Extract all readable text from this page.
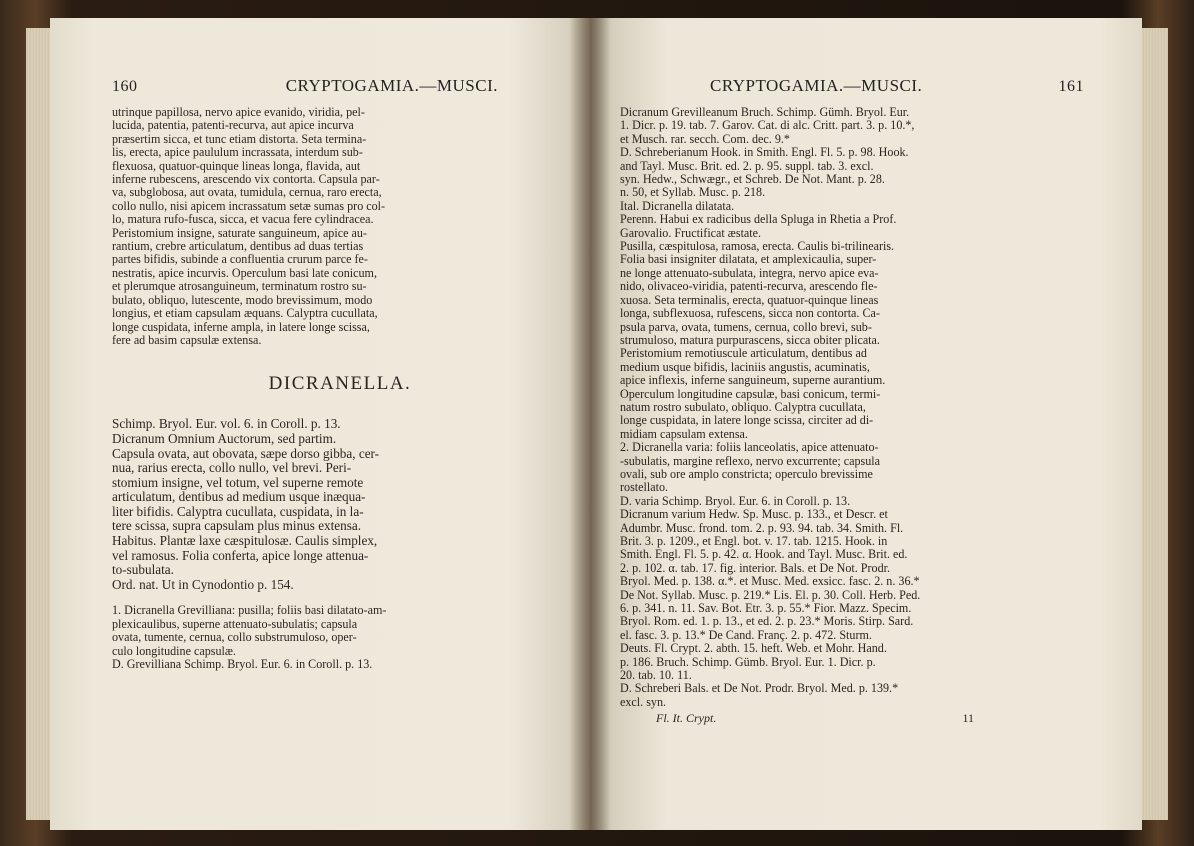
160	CRYPTOGAMIA.—MUSCI.

utrinque papillosa, nervo apice evanido, viridia, pel-

lucida, patentia, patenti-recurva, aut apice incurva

præsertim sicca, et tunc etiam distorta. Seta termina-

lis, erecta, apice paululum incrassata, interdum sub-

flexuosa, quatuor-quinque lineas longa, flavida, aut

inferne rubescens, arescendo vix contorta. Capsula par-

va, subglobosa, aut ovata, tumidula, cernua, raro erecta,

collo nullo, nisi apicem incrassatum setæ sumas pro col-

lo, matura rufo-fusca, sicca, et vacua fere cylindracea.

Peristomium insigne, saturate sanguineum, apice au-

rantium, crebre articulatum, dentibus ad duas tertias

partes bifidis, subinde a confluentia crurum parce fe-

nestratis, apice incurvis. Operculum basi late conicum,

et plerumque atrosanguineum, terminatum rostro su-

bulato, obliquo, lutescente, modo brevissimum, modo

longius, et etiam capsulam æquans. Calyptra cucullata,

longe cuspidata, inferne ampla, in latere longe scissa,

fere ad basim capsulæ extensa.

DICRANELLA.

Schimp. Bryol. Eur. vol. 6. in Coroll. p. 13.

Dicranum Omnium Auctorum, sed partim.

Capsula ovata, aut obovata, sæpe dorso gibba, cer-

nua, rarius erecta, collo nullo, vel brevi. Peri-

stomium insigne, vel totum, vel superne remote

articulatum, dentibus ad medium usque inæqua-

liter bifidis. Calyptra cucullata, cuspidata, in la-

tere scissa, supra capsulam plus minus extensa.

Habitus. Plantæ laxe cæspitulosæ. Caulis simplex,

vel ramosus. Folia conferta, apice longe attenua-

to-subulata.

Ord. nat. Ut in Cynodontio p. 154.

1. Dicranella Grevilliana: pusilla; foliis basi dilatato-am-

plexicaulibus, superne attenuato-subulatis; capsula

ovata, tumente, cernua, collo substrumuloso, oper-

culo longitudine capsulæ.

D. Grevilliana Schimp. Bryol. Eur. 6. in Coroll. p. 13.

CRYPTOGAMIA.—MUSCI.	161

Dicranum Grevilleanum Bruch. Schimp. Gümh. Bryol. Eur.

1. Dicr. p. 19. tab. 7. Garov. Cat. di alc. Critt. part. 3. p. 10.*,

et Musch. rar. secch. Com. dec. 9.*

D. Schreberianum Hook. in Smith. Engl. Fl. 5. p. 98. Hook.

and Tayl. Musc. Brit. ed. 2. p. 95. suppl. tab. 3. excl.

syn. Hedw., Schwægr., et Schreb. De Not. Mant. p. 28.

n. 50, et Syllab. Musc. p. 218.

Ital. Dicranella dilatata.

Perenn. Habui ex radicibus della Spluga in Rhetia a Prof.

Garovalio. Fructificat æstate.

Pusilla, cæspitulosa, ramosa, erecta. Caulis bi-trilinearis.

Folia basi insigniter dilatata, et amplexicaulia, super-

ne longe attenuato-subulata, integra, nervo apice eva-

nido, olivaceo-viridia, patenti-recurva, arescendo fle-

xuosa. Seta terminalis, erecta, quatuor-quinque lineas

longa, subflexuosa, rufescens, sicca non contorta. Ca-

psula parva, ovata, tumens, cernua, collo brevi, sub-

strumuloso, matura purpurascens, sicca obiter plicata.

Peristomium remotiuscule articulatum, dentibus ad

medium usque bifidis, laciniis angustis, acuminatis,

apice inflexis, inferne sanguineum, superne aurantium.

Operculum longitudine capsulæ, basi conicum, termi-

natum rostro subulato, obliquo. Calyptra cucullata,

longe cuspidata, in latere longe scissa, circiter ad di-

midiam capsulam extensa.

2. Dicranella varia: foliis lanceolatis, apice attenuato-

-subulatis, margine reflexo, nervo excurrente; capsula

ovali, sub ore amplo constricta; operculo brevissime

rostellato.

D. varia Schimp. Bryol. Eur. 6. in Coroll. p. 13.

Dicranum varium Hedw. Sp. Musc. p. 133., et Descr. et

Adumbr. Musc. frond. tom. 2. p. 93. 94. tab. 34. Smith. Fl.

Brit. 3. p. 1209., et Engl. bot. v. 17. tab. 1215. Hook. in

Smith. Engl. Fl. 5. p. 42. α. Hook. and Tayl. Musc. Brit. ed.

2. p. 102. α. tab. 17. fig. interior. Bals. et De Not. Prodr.

Bryol. Med. p. 138. α.*. et Musc. Med. exsicc. fasc. 2. n. 36.*

De Not. Syllab. Musc. p. 219.* Lis. El. p. 30. Coll. Herb. Ped.

6. p. 341. n. 11. Sav. Bot. Etr. 3. p. 55.* Fior. Mazz. Specim.

Bryol. Rom. ed. 1. p. 13., et ed. 2. p. 23.* Moris. Stirp. Sard.

el. fasc. 3. p. 13.* De Cand. Franç. 2. p. 472. Sturm.

Deuts. Fl. Crypt. 2. abth. 15. heft. Web. et Mohr. Hand.

p. 186. Bruch. Schimp. Gümb. Bryol. Eur. 1. Dicr. p.

20. tab. 10. 11.

D. Schreberi Bals. et De Not. Prodr. Bryol. Med. p. 139.*

excl. syn.

Fl. It. Crypt.	11
